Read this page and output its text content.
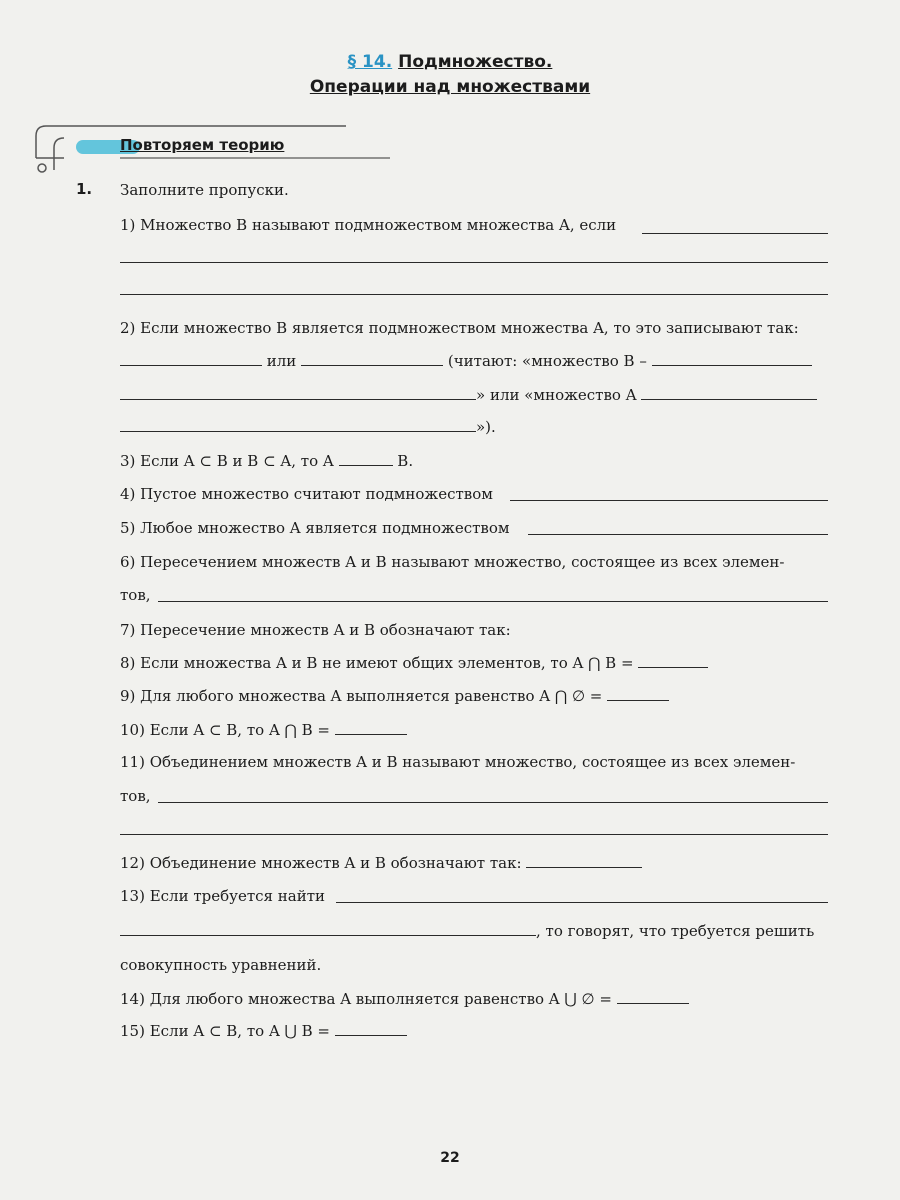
§ 14. Подмножество.
Операции над множествами
Повторяем теорию
1. Заполните пропуски.
1) Множество B называют подмножеством множества A, если
2) Если множество B является подмножеством множества A, то это записывают так:
или	(читают: «множество B –
» или «множество A
»).
3) Если A ⊂ B и B ⊂ A, то A	B.
4) Пустое множество считают подмножеством
5) Любое множество A является подмножеством
6) Пересечением множеств A и B называют множество, состоящее из всех элемен-
тов,
7) Пересечение множеств A и B обозначают так:
8) Если множества A и B не имеют общих элементов, то A ⋂ B =
9) Для любого множества A выполняется равенство A ⋂ ∅ =
10) Если A ⊂ B, то A ⋂ B =
11) Объединением множеств A и B называют множество, состоящее из всех элемен-
тов,
12) Объединение множеств A и B обозначают так:
13) Если требуется найти
, то говорят, что требуется решить
совокупность уравнений.
14) Для любого множества A выполняется равенство A ⋃ ∅ =
15) Если A ⊂ B, то A ⋃ B =
22
